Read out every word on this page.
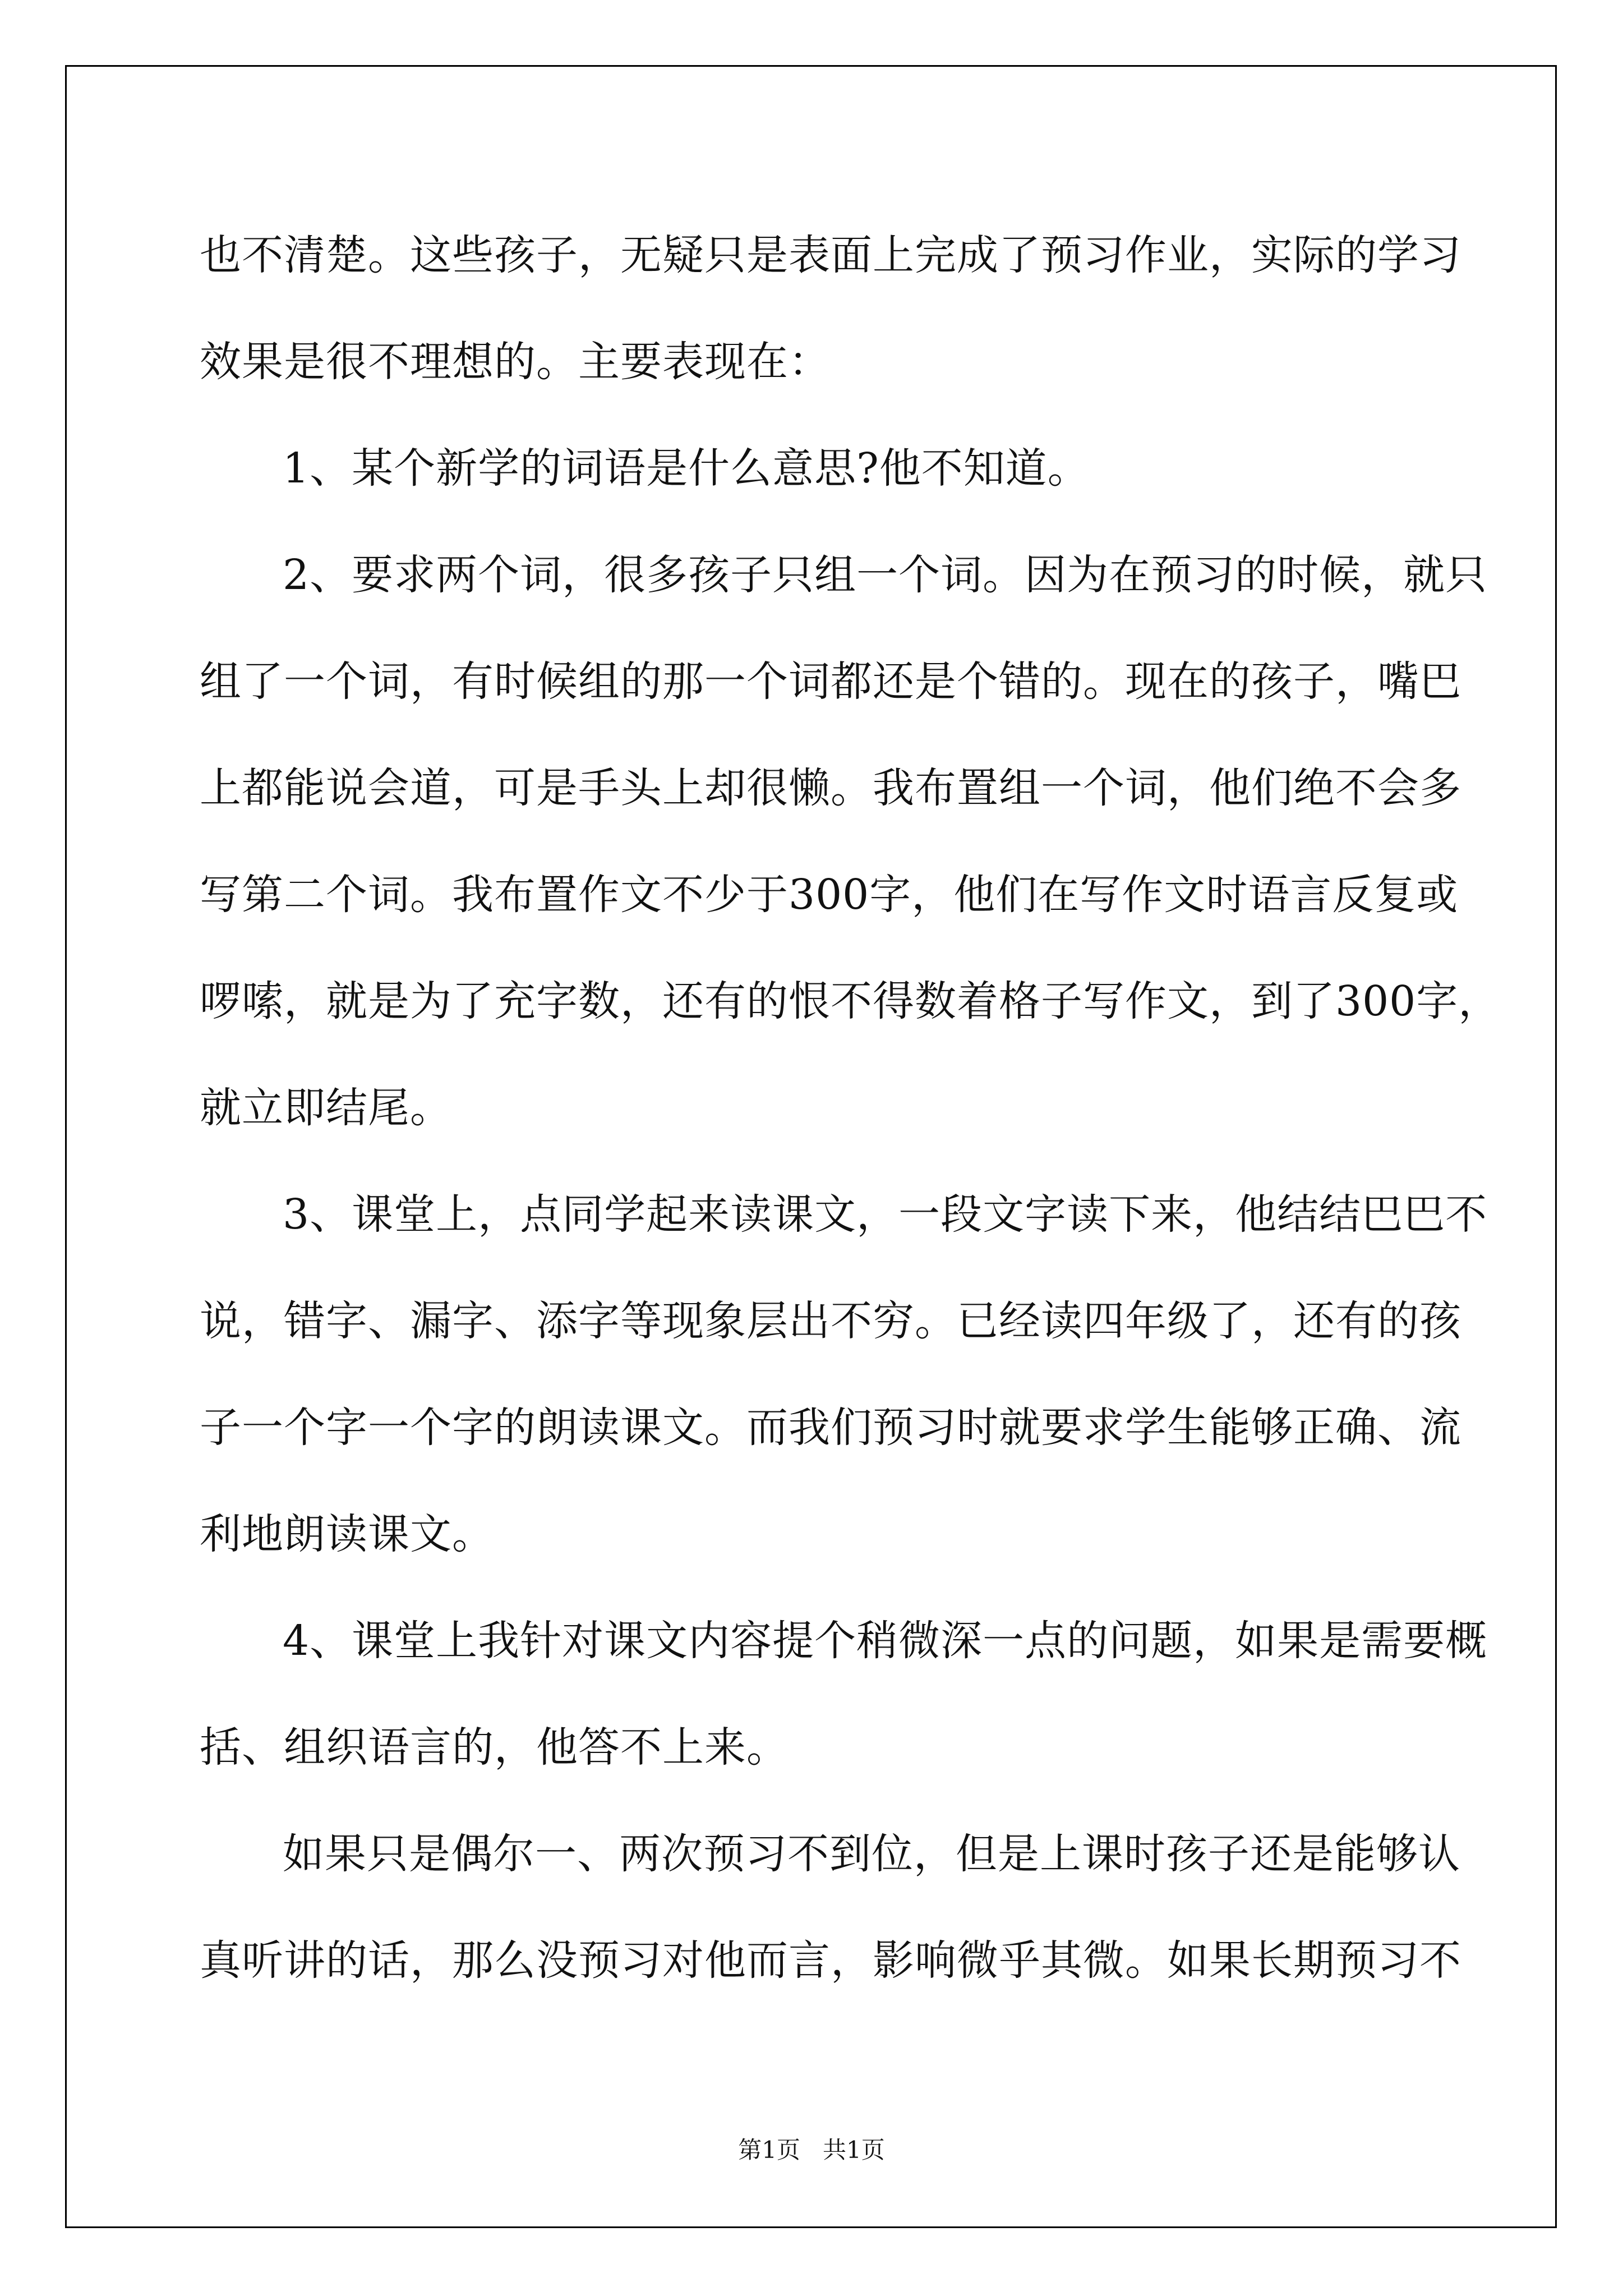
也不清楚。这些孩子，无疑只是表面上完成了预习作业，实际的学习
效果是很不理想的。主要表现在：
1、某个新学的词语是什么意思?他不知道。
2、要求两个词，很多孩子只组一个词。因为在预习的时候，就只
组了一个词，有时候组的那一个词都还是个错的。现在的孩子，嘴巴
上都能说会道，可是手头上却很懒。我布置组一个词，他们绝不会多
写第二个词。我布置作文不少于300字，他们在写作文时语言反复或
啰嗦，就是为了充字数，还有的恨不得数着格子写作文，到了300字，
就立即结尾。
3、课堂上，点同学起来读课文，一段文字读下来，他结结巴巴不
说，错字、漏字、添字等现象层出不穷。已经读四年级了，还有的孩
子一个字一个字的朗读课文。而我们预习时就要求学生能够正确、流
利地朗读课文。
4、课堂上我针对课文内容提个稍微深一点的问题，如果是需要概
括、组织语言的，他答不上来。
如果只是偶尔一、两次预习不到位，但是上课时孩子还是能够认
真听讲的话，那么没预习对他而言，影响微乎其微。如果长期预习不
第1页   共1页
